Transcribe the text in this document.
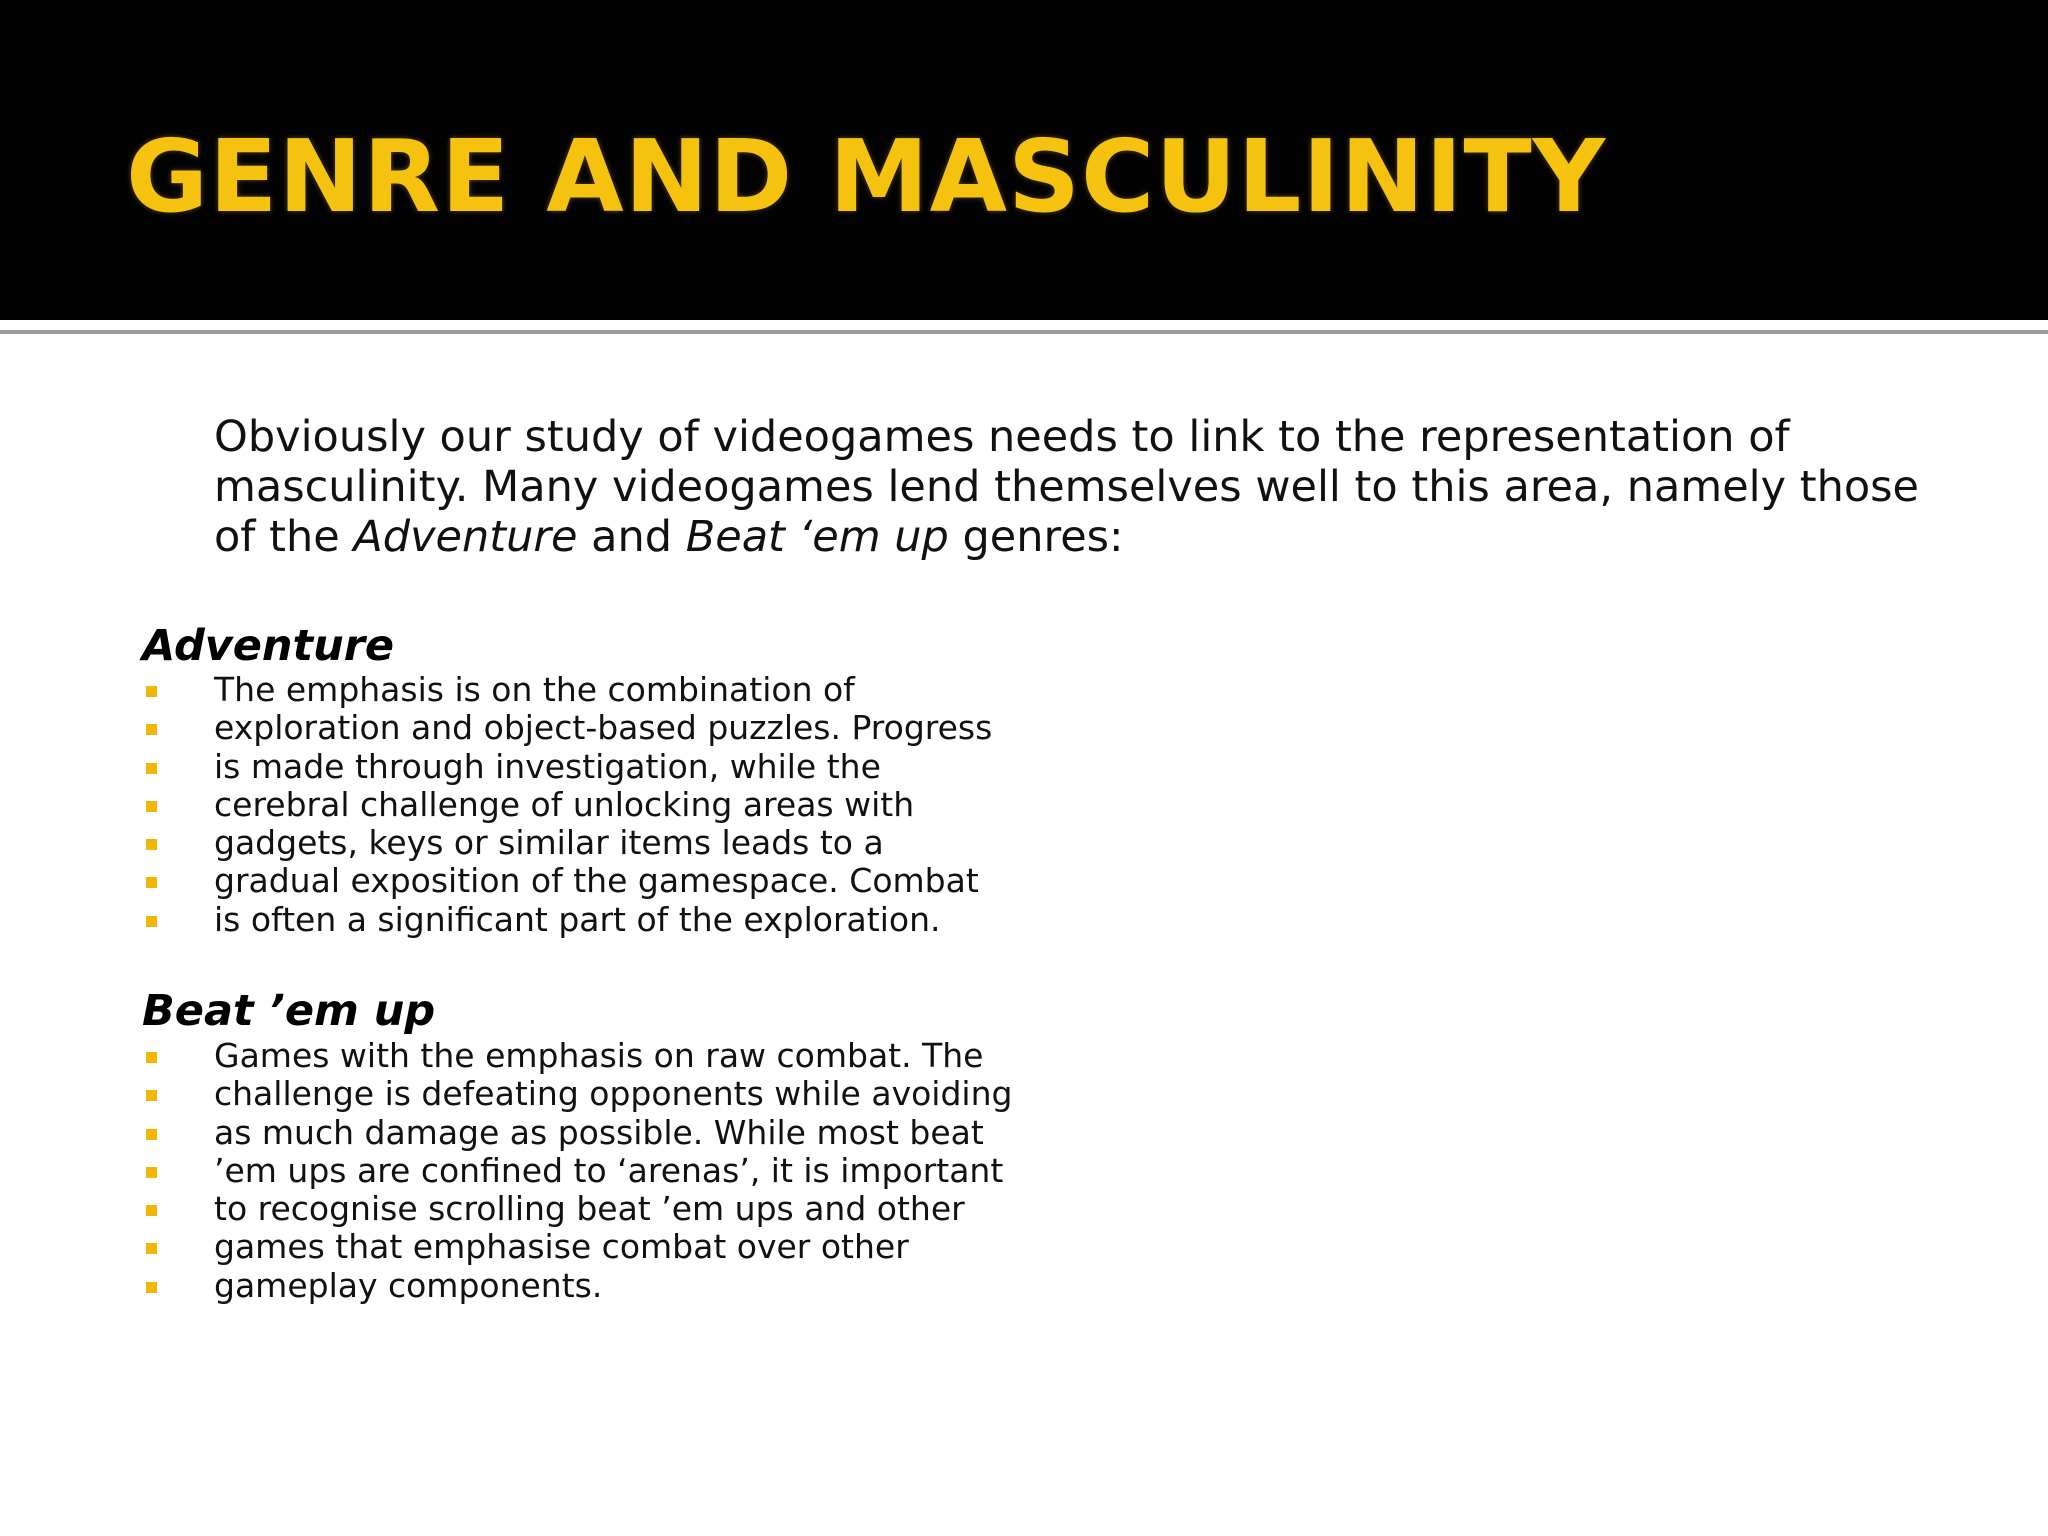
GENRE AND MASCULINITY

Obviously our study of videogames needs to link to the representation of masculinity. Many videogames lend themselves well to this area, namely those of the Adventure and Beat ‘em up genres:

Adventure
The emphasis is on the combination of
exploration and object-based puzzles. Progress
is made through investigation, while the
cerebral challenge of unlocking areas with
gadgets, keys or similar items leads to a
gradual exposition of the gamespace. Combat
is often a significant part of the exploration.
Beat ’em up
Games with the emphasis on raw combat. The
challenge is defeating opponents while avoiding
as much damage as possible. While most beat
’em ups are confined to ‘arenas’, it is important
to recognise scrolling beat ’em ups and other
games that emphasise combat over other
gameplay components.
